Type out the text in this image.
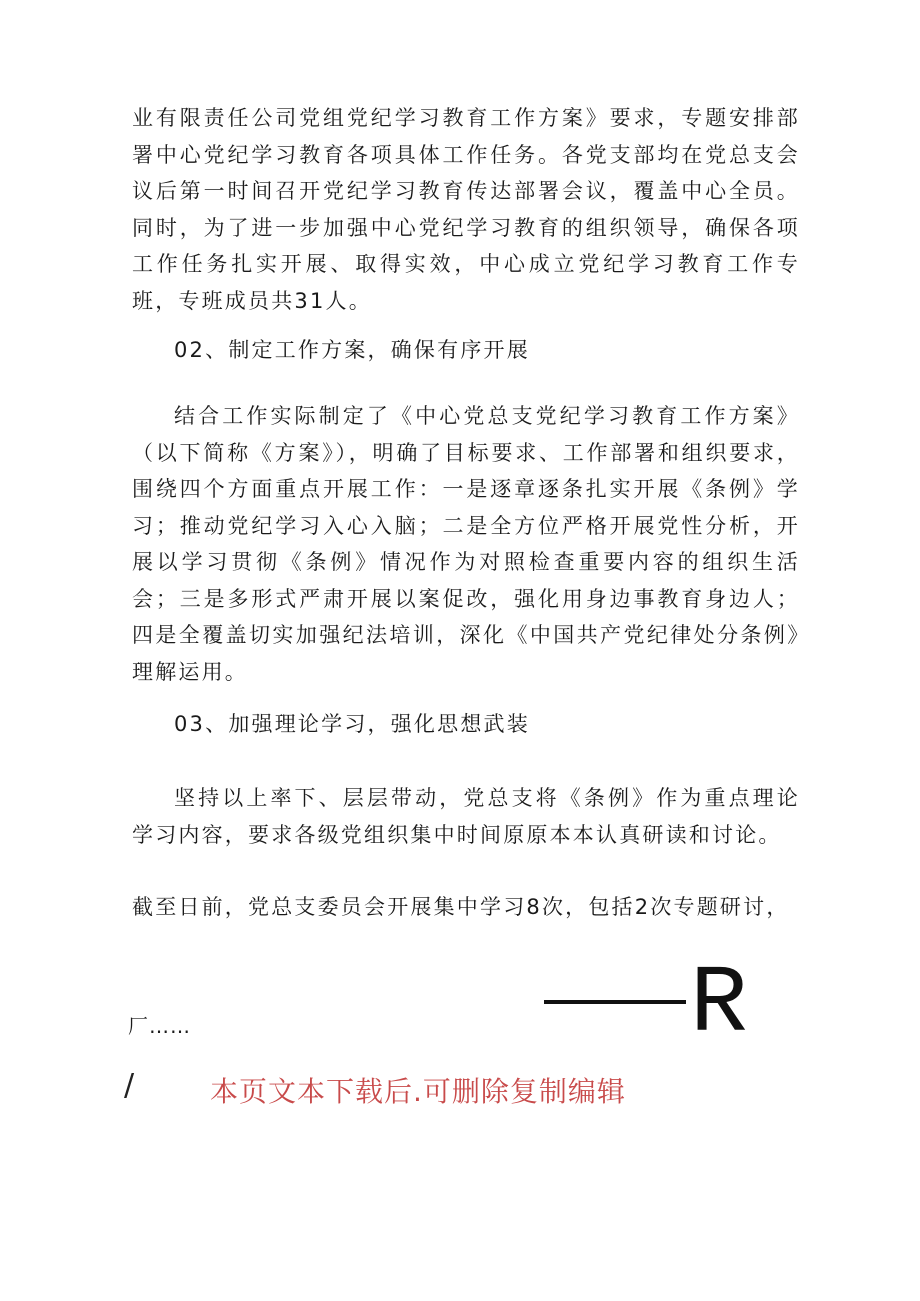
业有限责任公司党组党纪学习教育工作方案》要求，专题安排部署中心党纪学习教育各项具体工作任务。各党支部均在党总支会议后第一时间召开党纪学习教育传达部署会议，覆盖中心全员。同时，为了进一步加强中心党纪学习教育的组织领导，确保各项工作任务扎实开展、取得实效，中心成立党纪学习教育工作专班，专班成员共31人。

02、制定工作方案，确保有序开展

结合工作实际制定了《中心党总支党纪学习教育工作方案》（以下简称《方案》），明确了目标要求、工作部署和组织要求，围绕四个方面重点开展工作：一是逐章逐条扎实开展《条例》学习；推动党纪学习入心入脑；二是全方位严格开展党性分析，开展以学习贯彻《条例》情况作为对照检查重要内容的组织生活会；三是多形式严肃开展以案促改，强化用身边事教育身边人；四是全覆盖切实加强纪法培训，深化《中国共产党纪律处分条例》理解运用。

03、加强理论学习，强化思想武装

坚持以上率下、层层带动，党总支将《条例》作为重点理论学习内容，要求各级党组织集中时间原原本本认真研读和讨论。

截至日前，党总支委员会开展集中学习8次，包括2次专题研讨，

厂……	R
/	本页文本下载后.可删除复制编辑
